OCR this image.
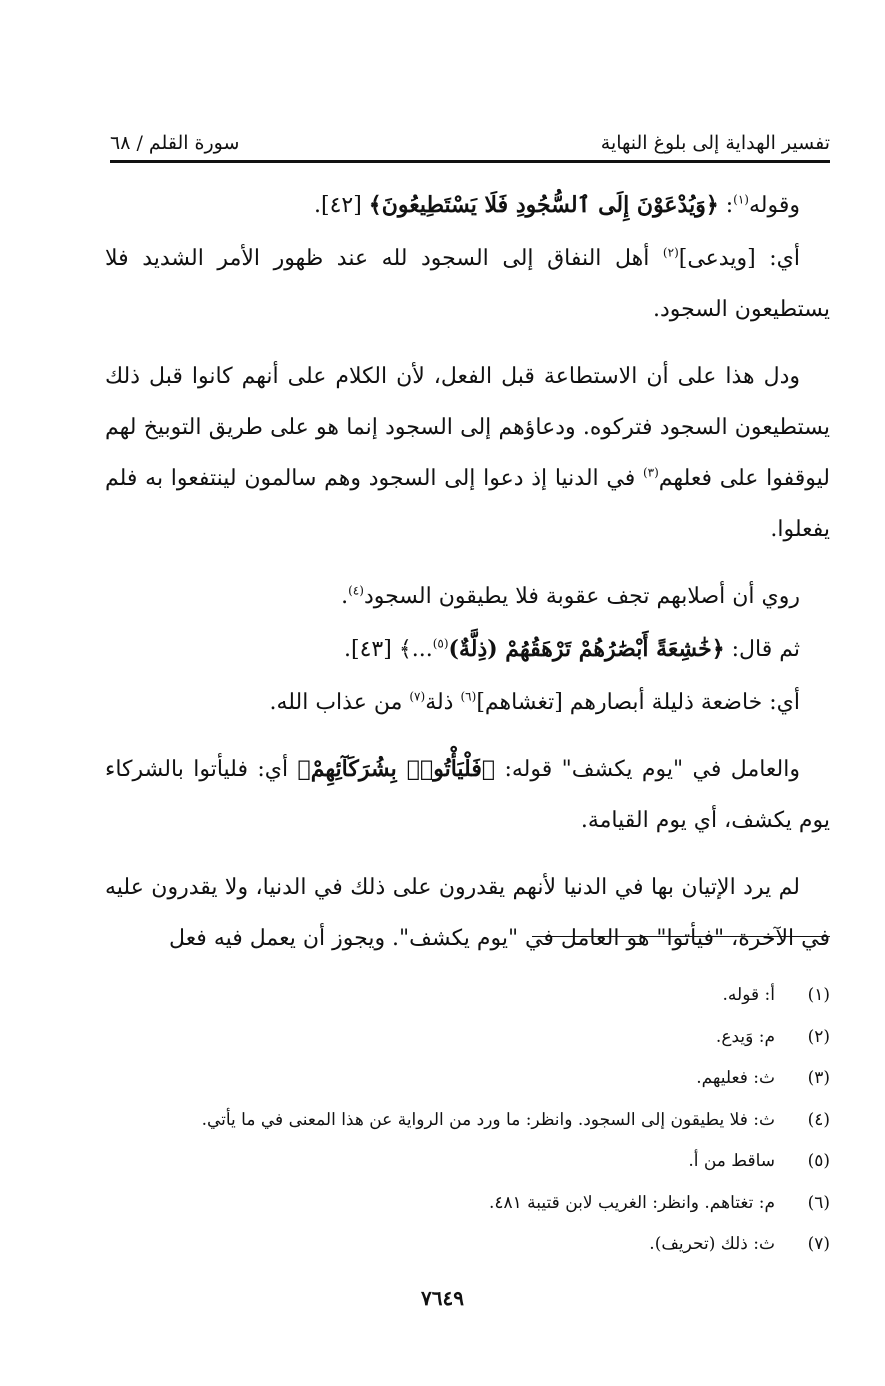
تفسير الهداية إلى بلوغ النهاية
سورة القلم / ٦٨

وقوله$^{(١)}$: ﴿وَيُدْعَوْنَ إِلَى ٱلسُّجُودِ فَلَا يَسْتَطِيعُونَ﴾ [٤٢].

أي: [ويدعى]$^{(٢)}$ أهل النفاق إلى السجود لله عند ظهور الأمر الشديد فلا يستطيعون السجود.

ودل هذا على أن الاستطاعة قبل الفعل، لأن الكلام على أنهم كانوا قبل ذلك يستطيعون السجود فتركوه. ودعاؤهم إلى السجود إنما هو على طريق التوبيخ لهم ليوقفوا على فعلهم$^{(٣)}$ في الدنيا إذ دعوا إلى السجود وهم سالمون لينتفعوا به فلم يفعلوا.

روي أن أصلابهم تجف عقوبة فلا يطيقون السجود$^{(٤)}$.

ثم قال: ﴿خَٰشِعَةً أَبْصَٰرُهُمْ تَرْهَقُهُمْ (ذِلَّةٌ)$^{(٥)}$...﴾ [٤٣].

أي: خاضعة ذليلة أبصارهم [تغشاهم]$^{(٦)}$ ذلة$^{(٧)}$ من عذاب الله.

والعامل في "يوم يكشف" قوله: ﴿فَلْيَأْتُوا۟ بِشُرَكَآئِهِمْ﴾ أي: فليأتوا بالشركاء يوم يكشف، أي يوم القيامة.

لم يرد الإتيان بها في الدنيا لأنهم يقدرون على ذلك في الدنيا، ولا يقدرون عليه في الآخرة، "فيأتوا" هو العامل في "يوم يكشف". ويجوز أن يعمل فيه فعل

(١)
أ: قوله.
(٢)
م: وَيدع.
(٣)
ث: فعليهم.
(٤)
ث: فلا يطيقون إلى السجود. وانظر: ما ورد من الرواية عن هذا المعنى في ما يأتي.
(٥)
ساقط من أ.
(٦)
م: تغتاهم. وانظر: الغريب لابن قتيبة ٤٨١.
(٧)
ث: ذلك (تحريف).
٧٦٤٩
